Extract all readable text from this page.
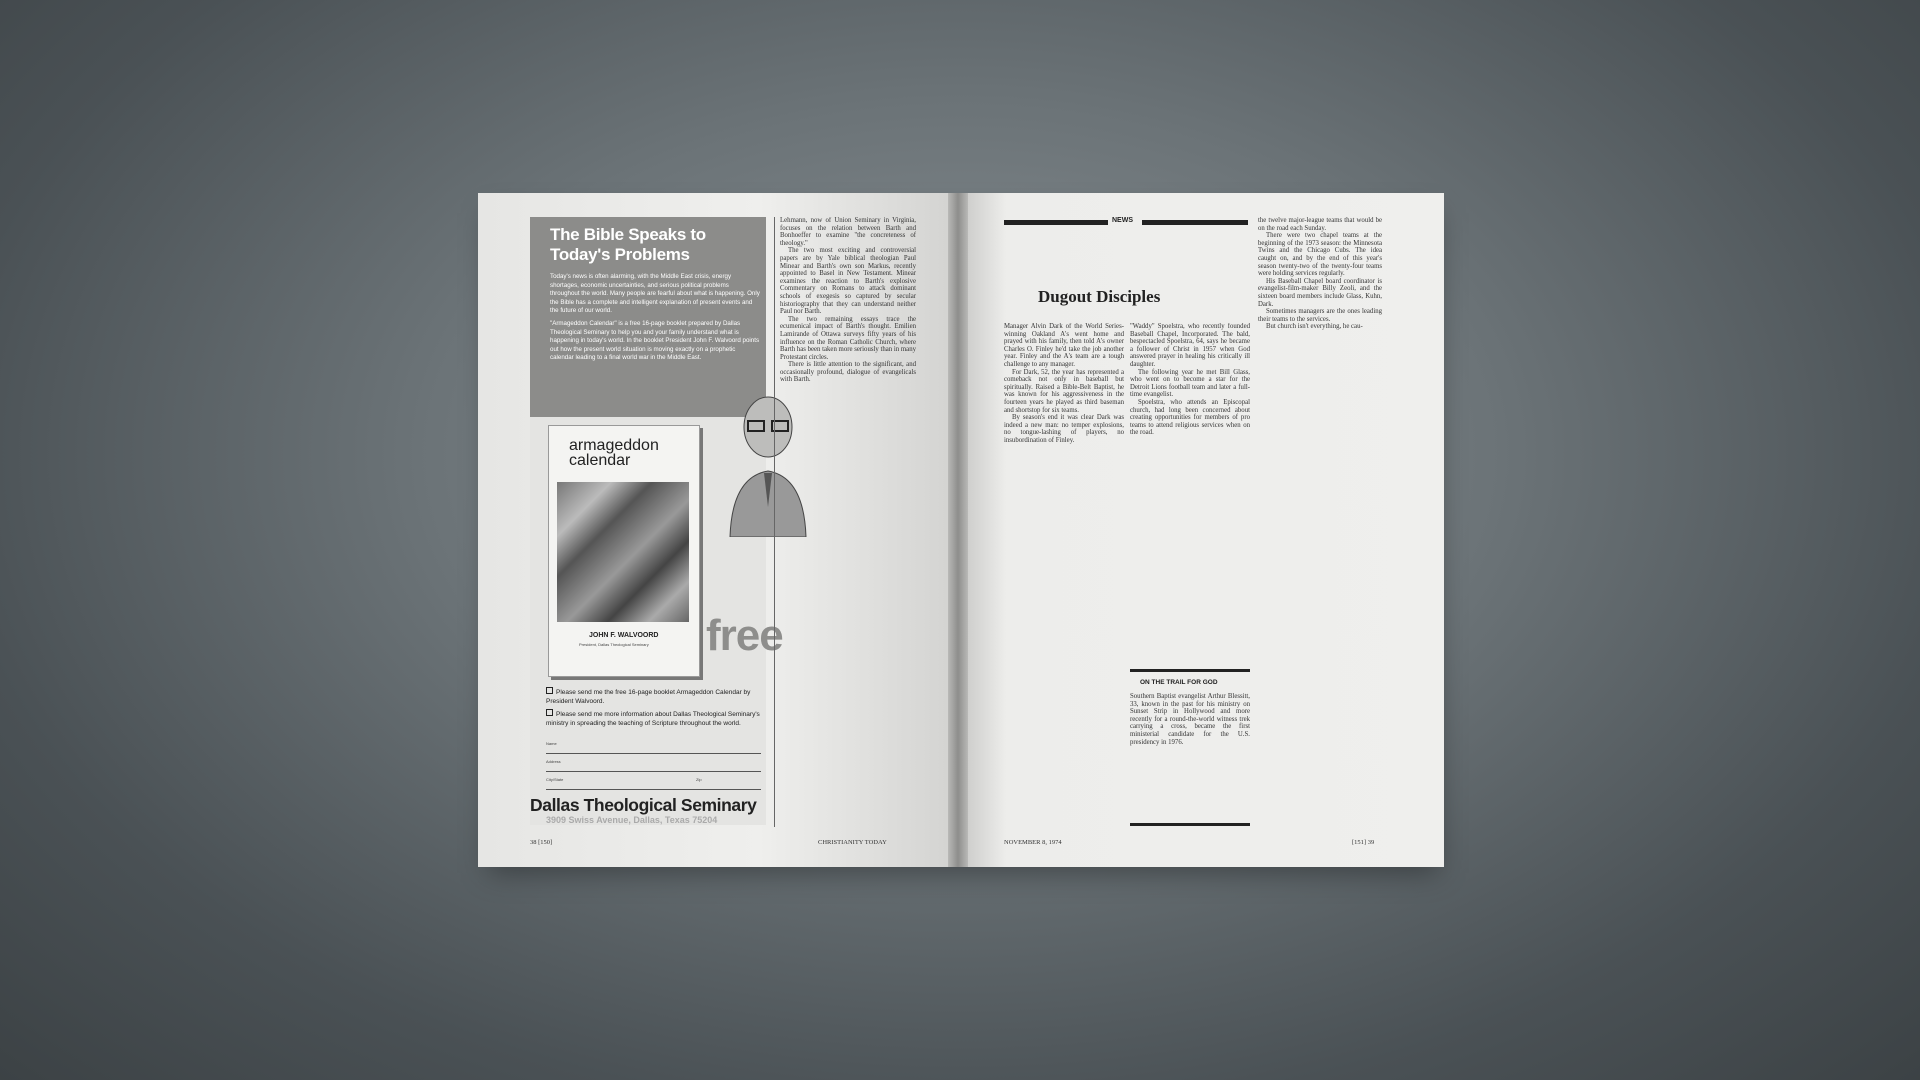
The Bible Speaks to Today's Problems

Today's news is often alarming, with the Middle East crisis, energy shortages, economic uncertainties, and serious political problems throughout the world. Many people are fearful about what is happening. Only the Bible has a complete and intelligent explanation of present events and the future of our world.

"Armageddon Calendar" is a free 16-page booklet prepared by Dallas Theological Seminary to help you and your family understand what is happening in today's world. In the booklet President John F. Walvoord points out how the present world situation is moving exactly on a prophetic calendar leading to a final world war in the Middle East.

armageddon calendar
JOHN F. WALVOORD
President, Dallas Theological Seminary free
Please send me the free 16-page booklet Armageddon Calendar by President Walvoord.
Please send me more information about Dallas Theological Seminary's ministry in spreading the teaching of Scripture throughout the world.
Name
Address
City/State	Zip
Dallas Theological Seminary
3909 Swiss Avenue, Dallas, Texas 75204

Lehmann, now of Union Seminary in Virginia, focuses on the relation between Barth and Bonhoeffer to examine "the concreteness of theology."

The two most exciting and controversial papers are by Yale biblical theologian Paul Minear and Barth's own son Markus, recently appointed to Basel in New Testament. Minear examines the reaction to Barth's explosive Commentary on Romans to attack dominant schools of exegesis so captured by secular historiography that they can understand neither Paul nor Barth.

The two remaining essays trace the ecumenical impact of Barth's thought. Emilien Lamirande of Ottawa surveys fifty years of his influence on the Roman Catholic Church, where Barth has been taken more seriously than in many Protestant circles.

There is little attention to the significant, and occasionally profound, dialogue of evangelicals with Barth.

38 [150]	CHRISTIANITY TODAY
NEWS
Dugout Disciples

Manager Alvin Dark of the World Series-winning Oakland A's went home and prayed with his family, then told A's owner Charles O. Finley he'd take the job another year. Finley and the A's team are a tough challenge to any manager.

For Dark, 52, the year has represented a comeback not only in baseball but spiritually. Raised a Bible-Belt Baptist, he was known for his aggressiveness in the fourteen years he played as third baseman and shortstop for six teams.

By season's end it was clear Dark was indeed a new man: no temper explosions, no tongue-lashing of players, no insubordination of Finley.

"Waddy" Spoelstra, who recently founded Baseball Chapel, Incorporated. The bald, bespectacled Spoelstra, 64, says he became a follower of Christ in 1957 when God answered prayer in healing his critically ill daughter.

The following year he met Bill Glass, who went on to become a star for the Detroit Lions football team and later a full-time evangelist.

Spoelstra, who attends an Episcopal church, had long been concerned about creating opportunities for members of pro teams to attend religious services when on the road.

ON THE TRAIL FOR GOD

Southern Baptist evangelist Arthur Blessitt, 33, known in the past for his ministry on Sunset Strip in Hollywood and more recently for a round-the-world witness trek carrying a cross, became the first ministerial candidate for the U.S. presidency in 1976.

the twelve major-league teams that would be on the road each Sunday.

There were two chapel teams at the beginning of the 1973 season: the Minnesota Twins and the Chicago Cubs. The idea caught on, and by the end of this year's season twenty-two of the twenty-four teams were holding services regularly.

His Baseball Chapel board coordinator is evangelist-film-maker Billy Zeoli, and the sixteen board members include Glass, Kuhn, Dark.

Sometimes managers are the ones leading their teams to the services.

But church isn't everything, he cau-

NOVEMBER 8, 1974	[151] 39
